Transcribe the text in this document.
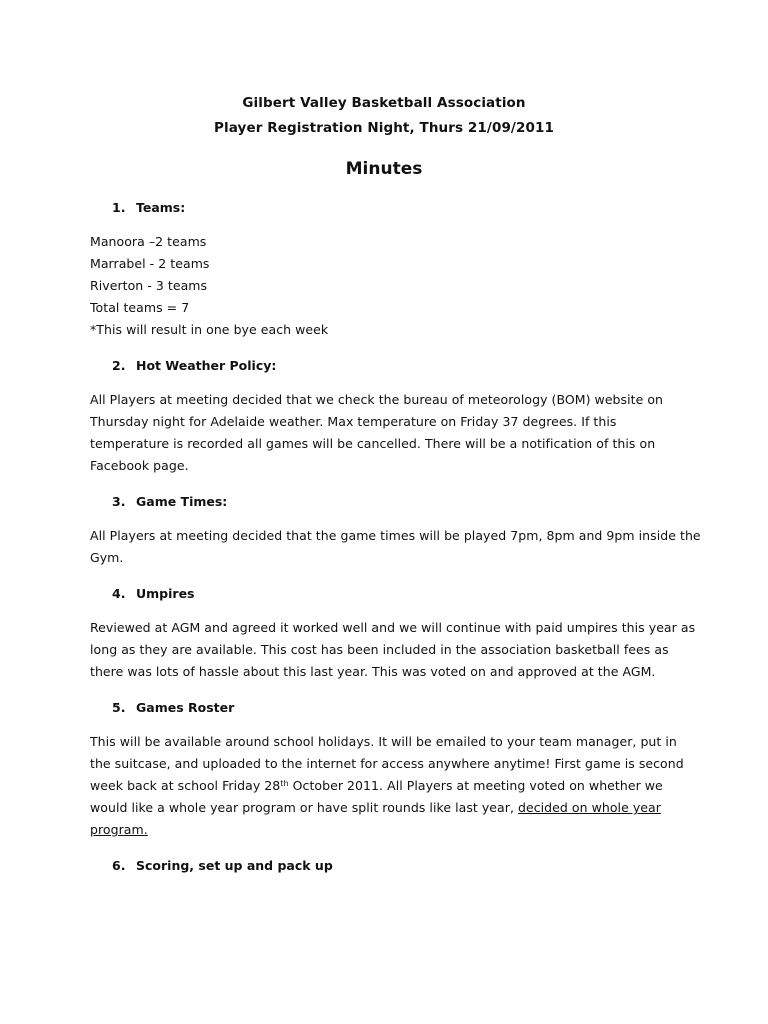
Gilbert Valley Basketball Association
Player Registration Night, Thurs 21/09/2011
Minutes
1. Teams:
Manoora –2 teams
Marrabel - 2 teams
Riverton - 3 teams
Total teams = 7
*This will result in one bye each week
2. Hot Weather Policy:
All Players at meeting decided that we check the bureau of meteorology (BOM) website on
Thursday night for Adelaide weather. Max temperature on Friday 37 degrees. If this
temperature is recorded all games will be cancelled. There will be a notification of this on
Facebook page.
3. Game Times:
All Players at meeting decided that the game times will be played 7pm, 8pm and 9pm inside the
Gym.
4. Umpires
Reviewed at AGM and agreed it worked well and we will continue with paid umpires this year as
long as they are available. This cost has been included in the association basketball fees as
there was lots of hassle about this last year. This was voted on and approved at the AGM.
5. Games Roster
This will be available around school holidays. It will be emailed to your team manager, put in
the suitcase, and uploaded to the internet for access anywhere anytime! First game is second
week back at school Friday 28th October 2011. All Players at meeting voted on whether we
would like a whole year program or have split rounds like last year, decided on whole year
program.
6. Scoring, set up and pack up
